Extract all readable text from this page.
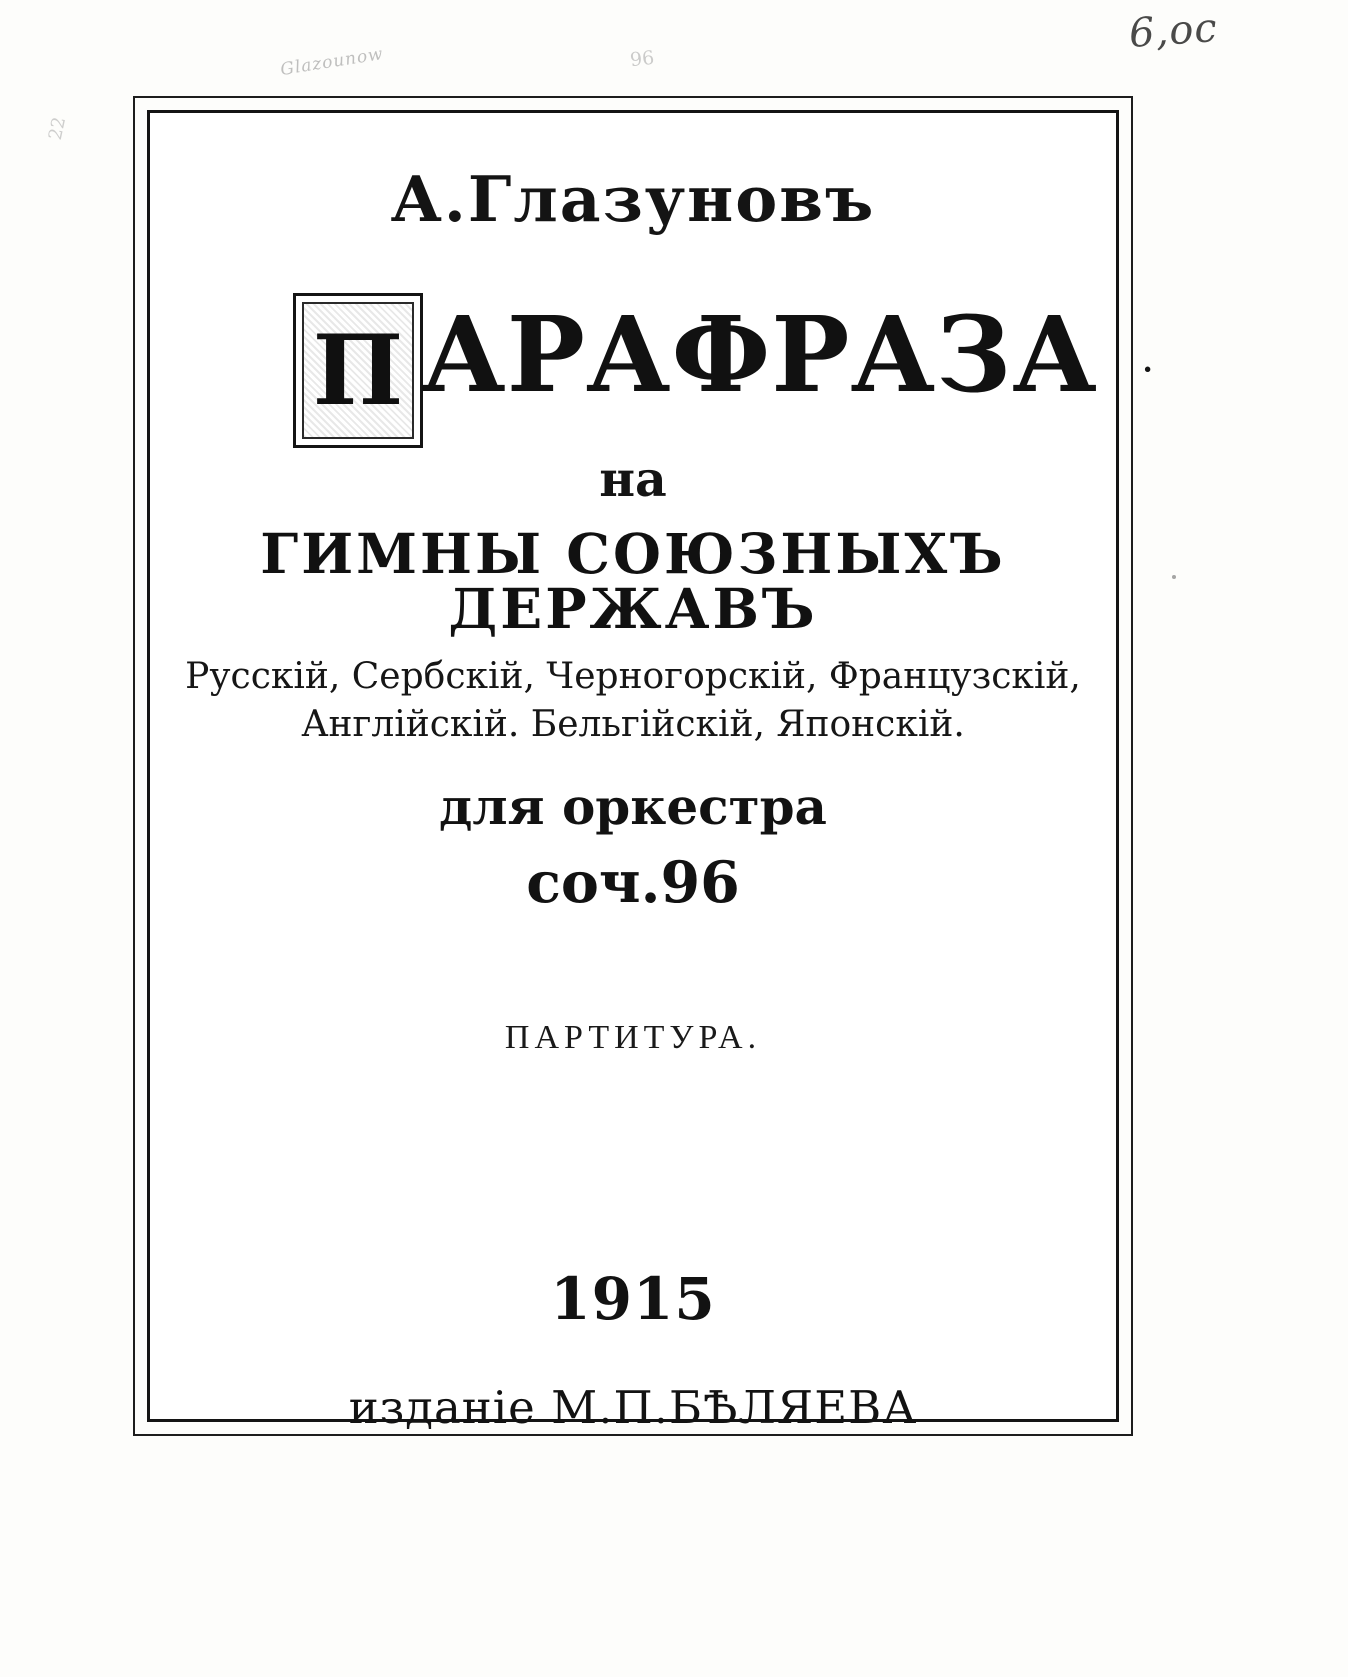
6,оc
Glazounow	96
22
А.Глазуновъ
П АРАФРАЗА ·
на
ГИМНЫ СОЮЗНЫХЪ ДЕРЖАВЪ
Русскiй, Сербскiй, Черногорскiй, Французскiй,
Англiйскiй. Бельгiйскiй, Японскiй.
для оркестра
соч.96
ПАРТИТУРА.
1915
изданiе М.П.БѢЛЯЕВА
